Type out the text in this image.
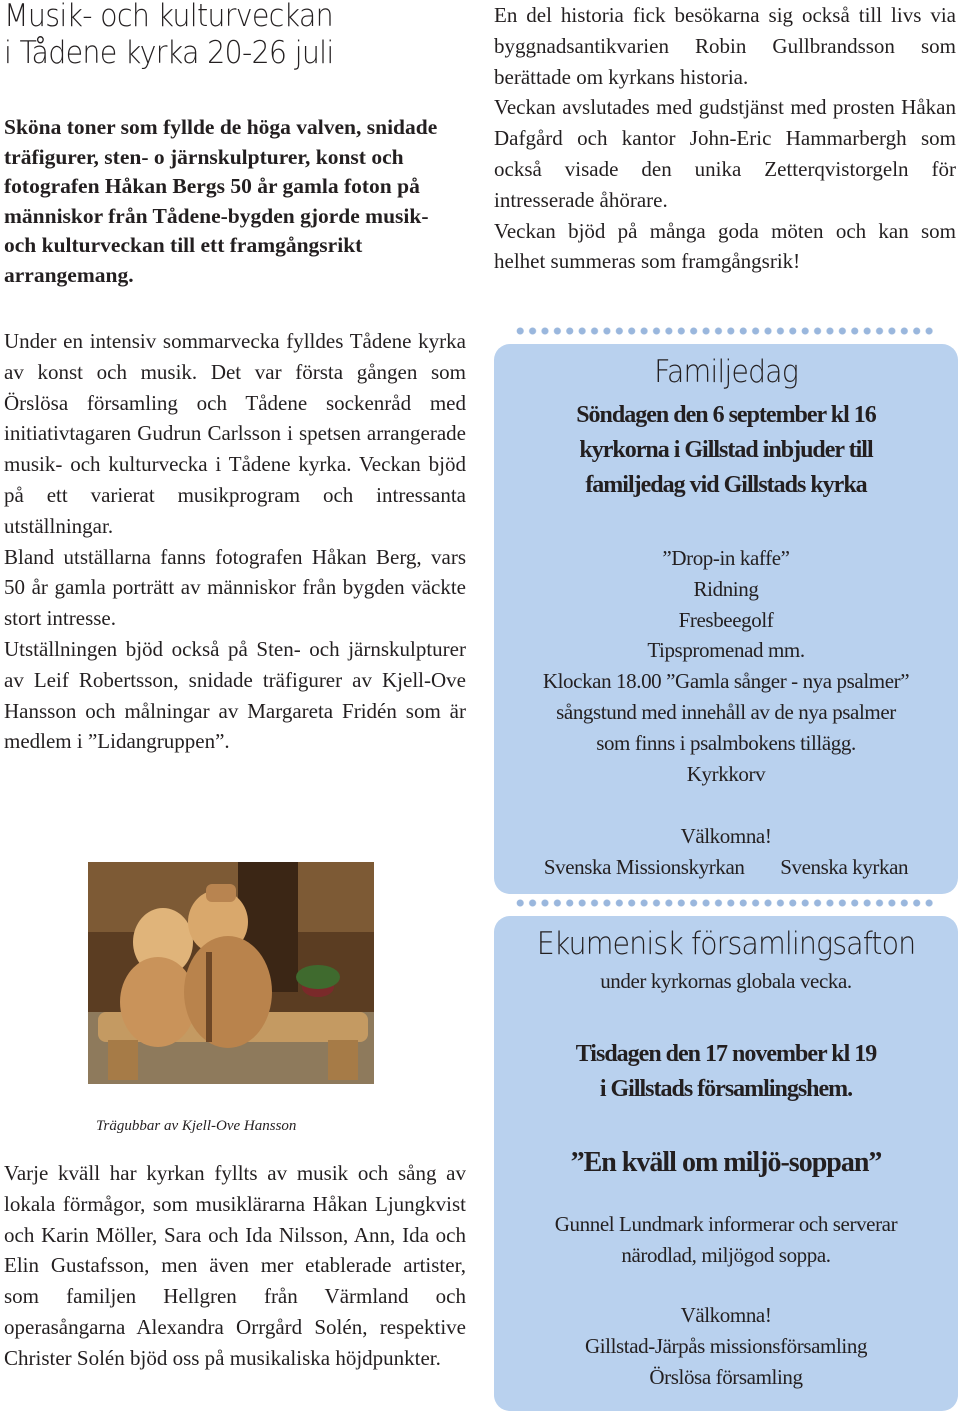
Musik- och kulturveckan
i Tådene kyrka 20-26 juli

Sköna toner som fyllde de höga valven, snidade träfigurer, sten- o järnskulpturer, konst och fotografen Håkan Bergs 50 år gamla foton på människor från Tådene-bygden gjorde musik- och kulturveckan till ett framgångsrikt arrangemang.

Under en intensiv sommarvecka fylldes Tådene kyrka av konst och musik. Det var första gången som Örslösa församling och Tådene sockenråd med initiativtagaren Gudrun Carlsson i spetsen arrangerade musik- och kulturvecka i Tådene kyrka. Veckan bjöd på ett varierat musikprogram och intressanta utställningar.

Bland utställarna fanns fotografen Håkan Berg, vars 50 år gamla porträtt av människor från bygden väckte stort intresse.

Utställningen bjöd också på Sten- och järnskulpturer av Leif Robertsson, snidade träfigurer av Kjell-Ove Hansson och målningar av Margareta Fridén som är medlem i ”Lidangruppen”.

Trägubbar av Kjell-Ove Hansson

Varje kväll har kyrkan fyllts av musik och sång av lokala förmågor, som musiklärarna Håkan Ljungkvist och Karin Möller, Sara och Ida Nilsson, Ann, Ida och Elin Gustafsson, men även mer etablerade artister, som familjen Hellgren från Värmland och operasångarna Alexandra Orrgård Solén, respektive Christer Solén bjöd oss på musikaliska höjdpunkter.

En del historia fick besökarna sig också till livs via byggnadsantikvarien Robin Gullbrandsson som berättade om kyrkans historia.

Veckan avslutades med gudstjänst med prosten Håkan Dafgård och kantor John-Eric Hammarbergh som också visade den unika Zetterqvistorgeln för intresserade åhörare.

Veckan bjöd på många goda möten och kan som helhet summeras som framgångsrik!

Familjedag

Söndagen den 6 september kl 16

kyrkorna i Gillstad inbjuder till

familjedag vid Gillstads kyrka

”Drop-in kaffe”

Ridning

Fresbeegolf

Tipspromenad mm.

Klockan 18.00 ”Gamla sånger - nya psalmer”

sångstund med innehåll av de nya psalmer

som finns i psalmbokens tillägg.

Kyrkkorv

Välkomna!

Svenska Missionskyrkan Svenska kyrkan

Ekumenisk församlingsafton

under kyrkornas globala vecka.

Tisdagen den 17 november kl 19

i Gillstads församlingshem.

”En kväll om miljö-soppan”

Gunnel Lundmark informerar och serverar

närodlad, miljögod soppa.

Välkomna!

Gillstad-Järpås missionsförsamling

Örslösa församling
